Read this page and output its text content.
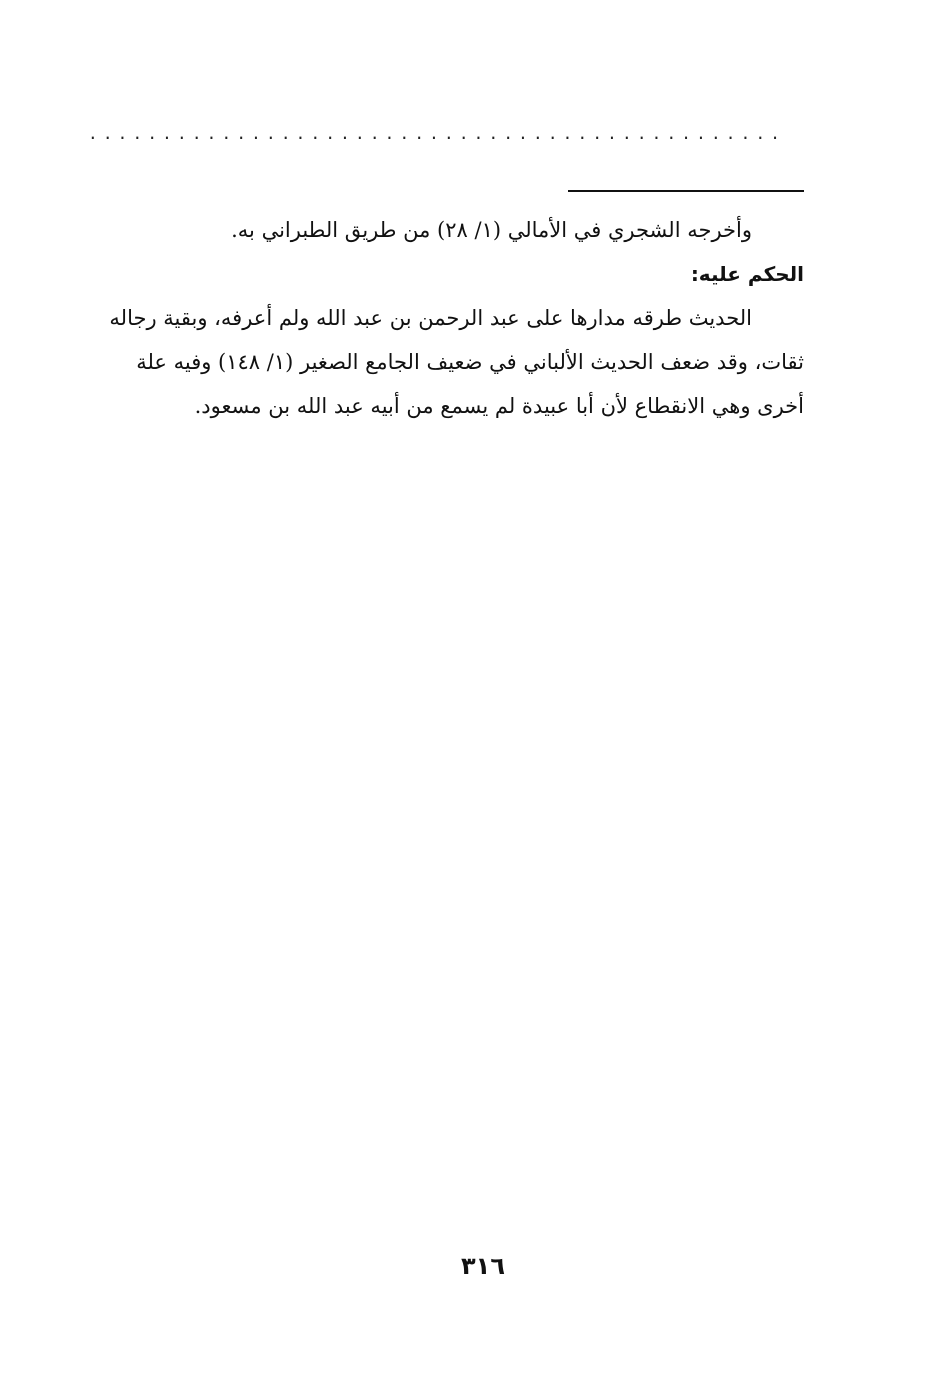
...............................................
وأخرجه الشجري في الأمالي (١/ ٢٨) من طريق الطبراني به.
الحكم عليه:
الحديث طرقه مدارها على عبد الرحمن بن عبد الله ولم أعرفه، وبقية رجاله
ثقات، وقد ضعف الحديث الألباني في ضعيف الجامع الصغير (١/ ١٤٨) وفيه علة
أخرى وهي الانقطاع لأن أبا عبيدة لم يسمع من أبيه عبد الله بن مسعود.
٣١٦
